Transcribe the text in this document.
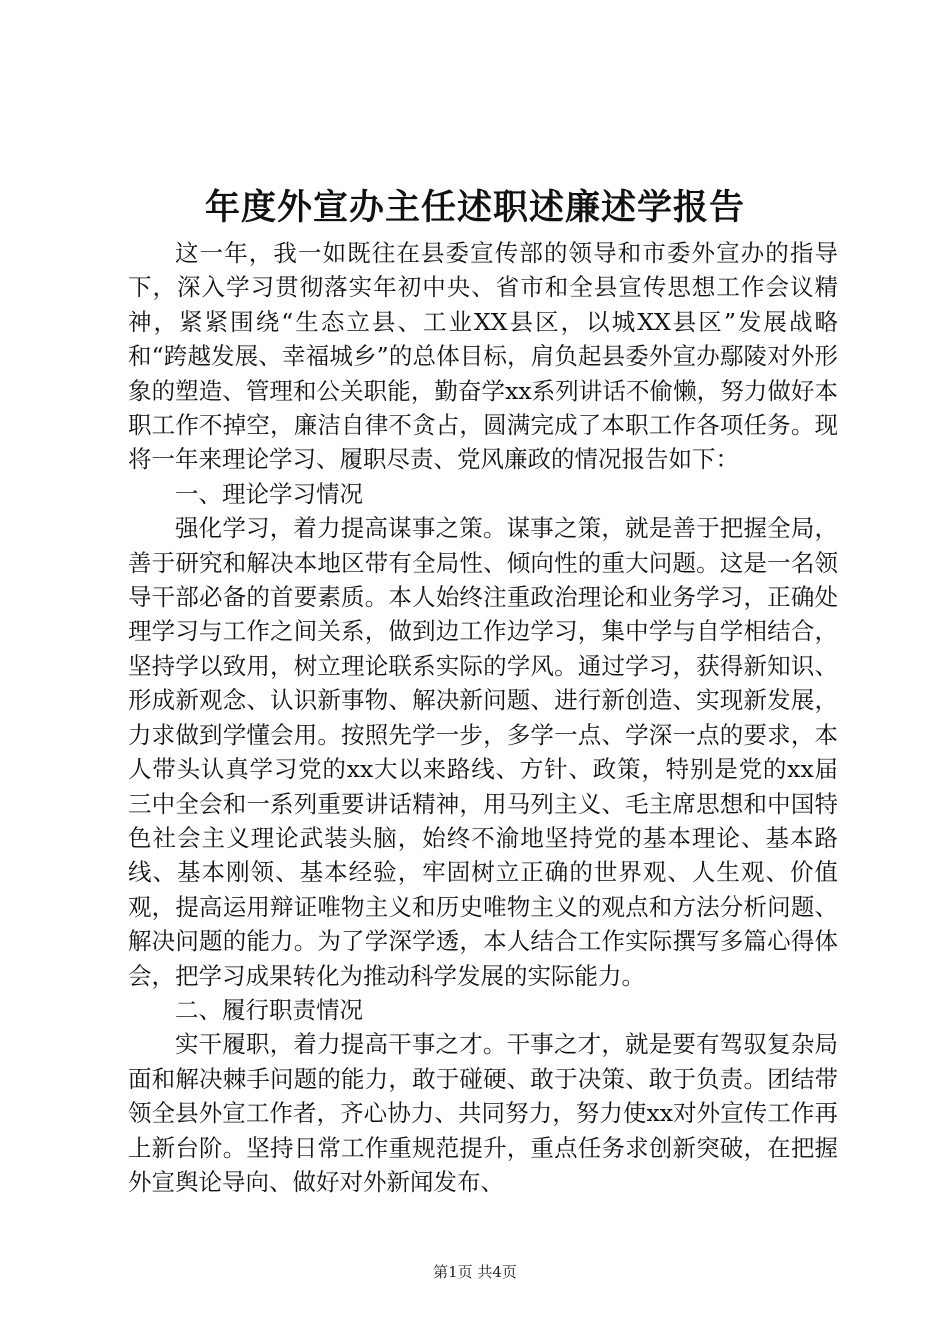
年度外宣办主任述职述廉述学报告

这一年，我一如既往在县委宣传部的领导和市委外宣办的指导下，深入学习贯彻落实年初中央、省市和全县宣传思想工作会议精神，紧紧围绕“生态立县、工业XX县区，以城XX县区”发展战略和“跨越发展、幸福城乡”的总体目标，肩负起县委外宣办鄢陵对外形象的塑造、管理和公关职能，勤奋学xx系列讲话不偷懒，努力做好本职工作不掉空，廉洁自律不贪占，圆满完成了本职工作各项任务。现将一年来理论学习、履职尽责、党风廉政的情况报告如下：

一、理论学习情况

强化学习，着力提高谋事之策。谋事之策，就是善于把握全局，善于研究和解决本地区带有全局性、倾向性的重大问题。这是一名领导干部必备的首要素质。本人始终注重政治理论和业务学习，正确处理学习与工作之间关系，做到边工作边学习，集中学与自学相结合，坚持学以致用，树立理论联系实际的学风。通过学习，获得新知识、形成新观念、认识新事物、解决新问题、进行新创造、实现新发展，力求做到学懂会用。按照先学一步，多学一点、学深一点的要求，本人带头认真学习党的xx大以来路线、方针、政策，特别是党的xx届三中全会和一系列重要讲话精神，用马列主义、毛主席思想和中国特色社会主义理论武装头脑，始终不渝地坚持党的基本理论、基本路线、基本刚领、基本经验，牢固树立正确的世界观、人生观、价值观，提高运用辩证唯物主义和历史唯物主义的观点和方法分析问题、解决问题的能力。为了学深学透，本人结合工作实际撰写多篇心得体会，把学习成果转化为推动科学发展的实际能力。

二、履行职责情况

实干履职，着力提高干事之才。干事之才，就是要有驾驭复杂局面和解决棘手问题的能力，敢于碰硬、敢于决策、敢于负责。团结带领全县外宣工作者，齐心协力、共同努力，努力使xx对外宣传工作再上新台阶。坚持日常工作重规范提升，重点任务求创新突破，在把握外宣舆论导向、做好对外新闻发布、

第1页 共4页
